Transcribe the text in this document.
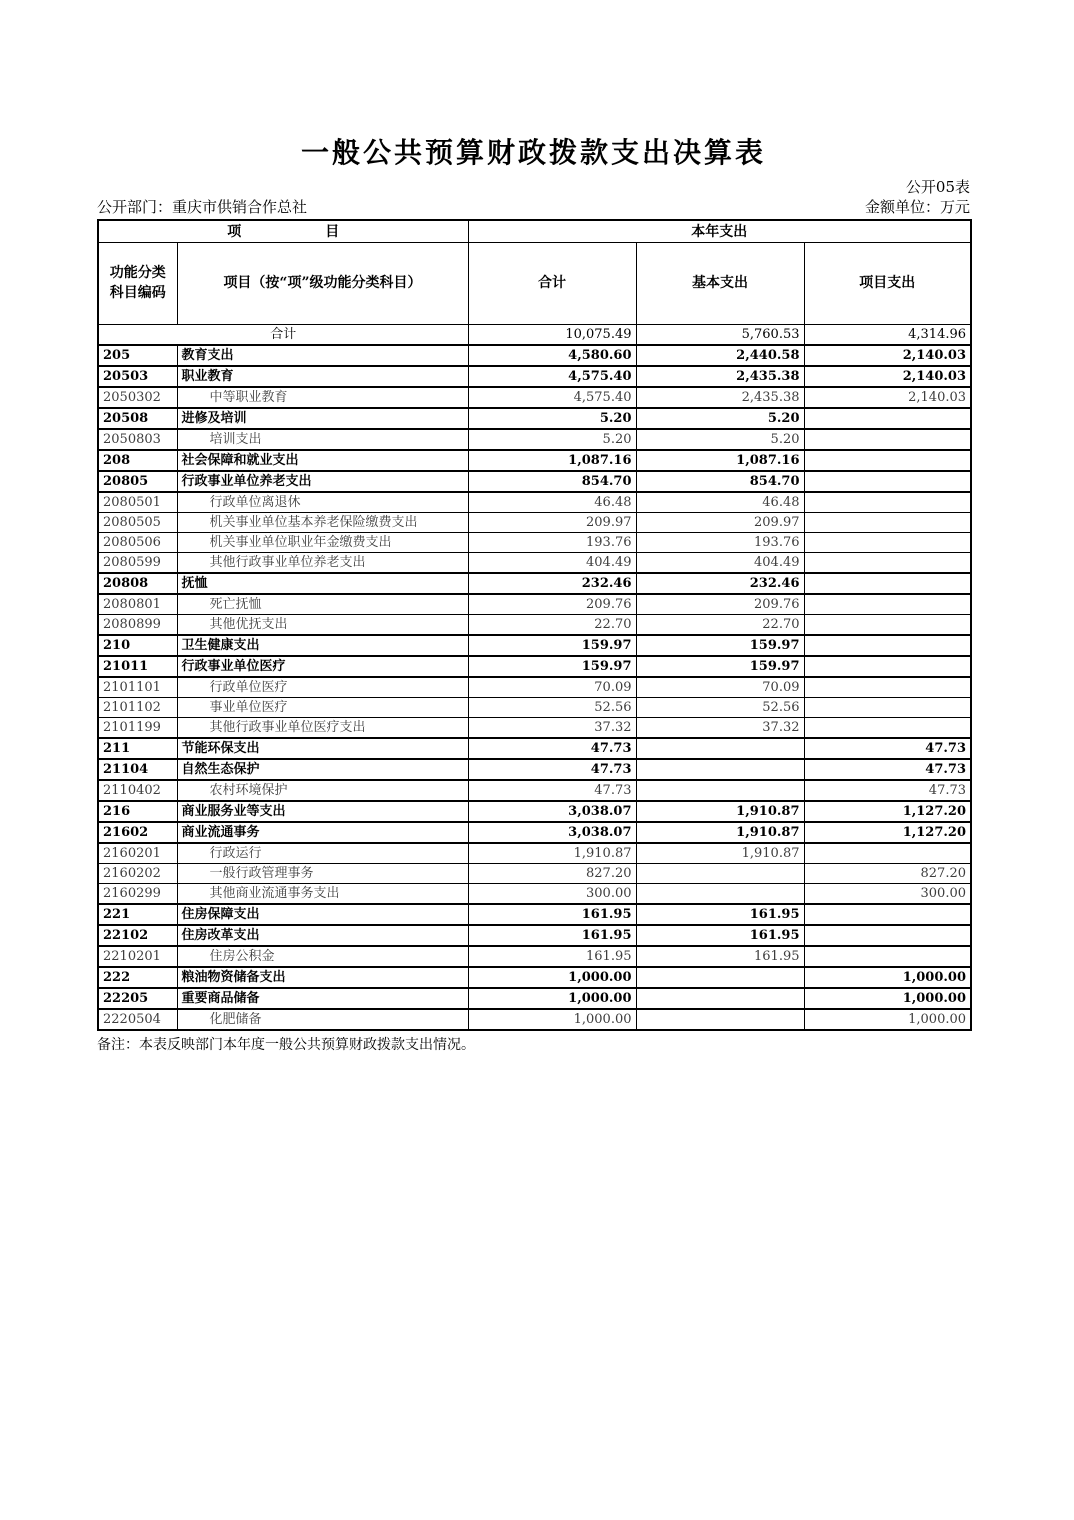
一般公共预算财政拨款支出决算表
公开05表
公开部门：重庆市供销合作总社	金额单位：万元
项　　　　　　目		本年支出		
功能分类科目编码	项目（按“项”级功能分类科目）	合计	基本支出	项目支出
合计		10,075.49	5,760.53	4,314.96
205	教育支出	4,580.60	2,440.58	2,140.03
20503	职业教育	4,575.40	2,435.38	2,140.03
2050302	中等职业教育	4,575.40	2,435.38	2,140.03
20508	进修及培训	5.20	5.20	
2050803	培训支出	5.20	5.20	
208	社会保障和就业支出	1,087.16	1,087.16	
20805	行政事业单位养老支出	854.70	854.70	
2080501	行政单位离退休	46.48	46.48	
2080505	机关事业单位基本养老保险缴费支出	209.97	209.97	
2080506	机关事业单位职业年金缴费支出	193.76	193.76	
2080599	其他行政事业单位养老支出	404.49	404.49	
20808	抚恤	232.46	232.46	
2080801	死亡抚恤	209.76	209.76	
2080899	其他优抚支出	22.70	22.70	
210	卫生健康支出	159.97	159.97	
21011	行政事业单位医疗	159.97	159.97	
2101101	行政单位医疗	70.09	70.09	
2101102	事业单位医疗	52.56	52.56	
2101199	其他行政事业单位医疗支出	37.32	37.32	
211	节能环保支出	47.73		47.73
21104	自然生态保护	47.73		47.73
2110402	农村环境保护	47.73		47.73
216	商业服务业等支出	3,038.07	1,910.87	1,127.20
21602	商业流通事务	3,038.07	1,910.87	1,127.20
2160201	行政运行	1,910.87	1,910.87	
2160202	一般行政管理事务	827.20		827.20
2160299	其他商业流通事务支出	300.00		300.00
221	住房保障支出	161.95	161.95	
22102	住房改革支出	161.95	161.95	
2210201	住房公积金	161.95	161.95	
222	粮油物资储备支出	1,000.00		1,000.00
22205	重要商品储备	1,000.00		1,000.00
2220504	化肥储备	1,000.00		1,000.00
备注：本表反映部门本年度一般公共预算财政拨款支出情况。
